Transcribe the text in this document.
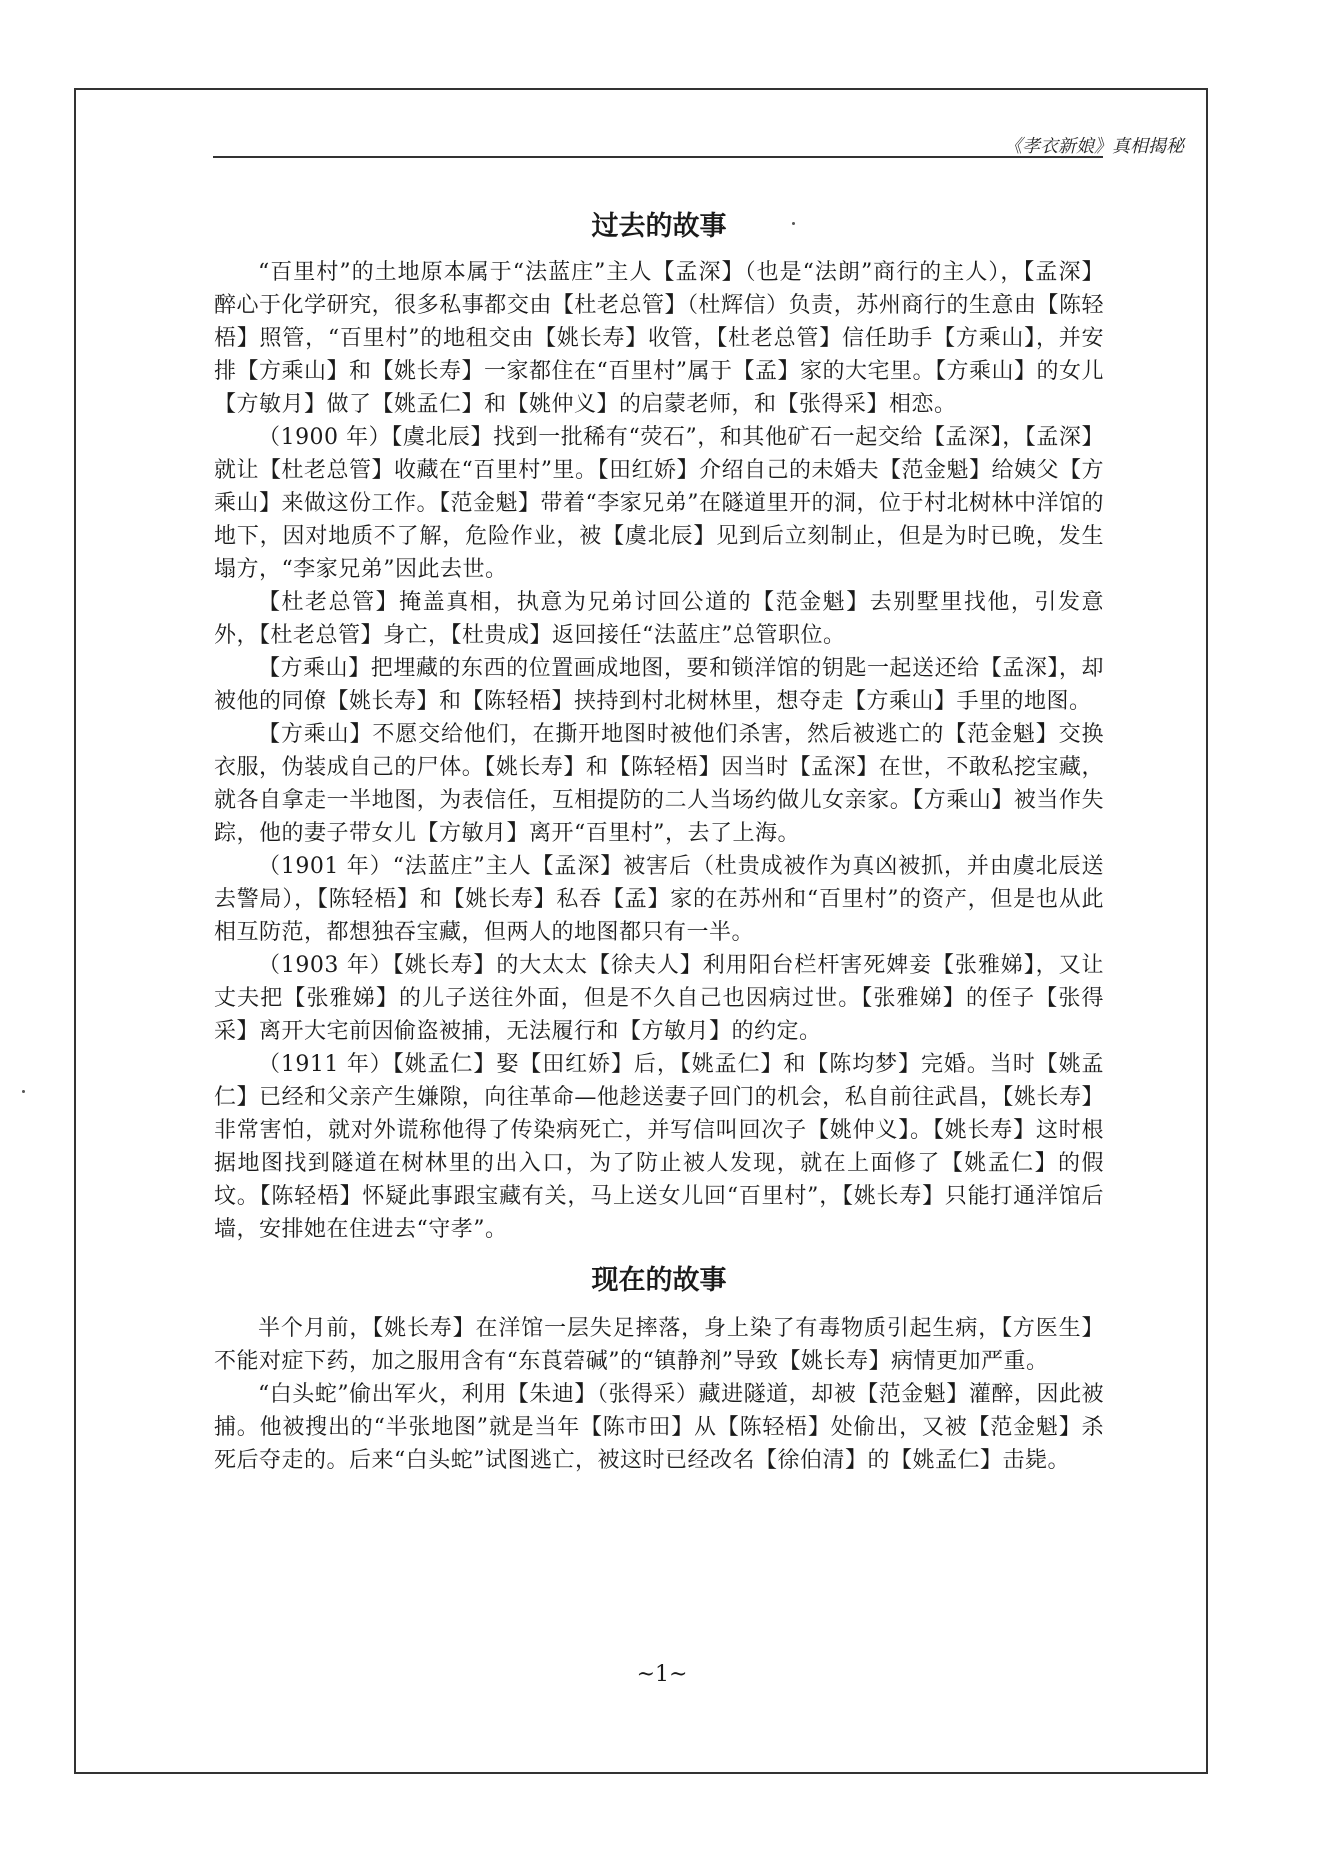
《孝衣新娘》真相揭秘
过去的故事

“百里村”的土地原本属于“法蓝庄”主人【孟深】（也是“法朗”商行的主人），【孟深】醉心于化学研究，很多私事都交由【杜老总管】（杜辉信）负责，苏州商行的生意由【陈轻梧】照管，“百里村”的地租交由【姚长寿】收管，【杜老总管】信任助手【方乘山】，并安排【方乘山】和【姚长寿】一家都住在“百里村”属于【孟】家的大宅里。【方乘山】的女儿【方敏月】做了【姚孟仁】和【姚仲义】的启蒙老师，和【张得采】相恋。

（1900 年）【虞北辰】找到一批稀有“荧石”，和其他矿石一起交给【孟深】，【孟深】就让【杜老总管】收藏在“百里村”里。【田红娇】介绍自己的未婚夫【范金魁】给姨父【方乘山】来做这份工作。【范金魁】带着“李家兄弟”在隧道里开的洞，位于村北树林中洋馆的地下，因对地质不了解，危险作业，被【虞北辰】见到后立刻制止，但是为时已晚，发生塌方，“李家兄弟”因此去世。

【杜老总管】掩盖真相，执意为兄弟讨回公道的【范金魁】去别墅里找他，引发意外，【杜老总管】身亡，【杜贵成】返回接任“法蓝庄”总管职位。

【方乘山】把埋藏的东西的位置画成地图，要和锁洋馆的钥匙一起送还给【孟深】，却被他的同僚【姚长寿】和【陈轻梧】挟持到村北树林里，想夺走【方乘山】手里的地图。

【方乘山】不愿交给他们，在撕开地图时被他们杀害，然后被逃亡的【范金魁】交换衣服，伪装成自己的尸体。【姚长寿】和【陈轻梧】因当时【孟深】在世，不敢私挖宝藏，就各自拿走一半地图，为表信任，互相提防的二人当场约做儿女亲家。【方乘山】被当作失踪，他的妻子带女儿【方敏月】离开“百里村”，去了上海。

（1901 年）“法蓝庄”主人【孟深】被害后（杜贵成被作为真凶被抓，并由虞北辰送去警局），【陈轻梧】和【姚长寿】私吞【孟】家的在苏州和“百里村”的资产，但是也从此相互防范，都想独吞宝藏，但两人的地图都只有一半。

（1903 年）【姚长寿】的大太太【徐夫人】利用阳台栏杆害死婢妾【张雅娣】，又让丈夫把【张雅娣】的儿子送往外面，但是不久自己也因病过世。【张雅娣】的侄子【张得采】离开大宅前因偷盗被捕，无法履行和【方敏月】的约定。

（1911 年）【姚孟仁】娶【田红娇】后，【姚孟仁】和【陈均梦】完婚。当时【姚孟仁】已经和父亲产生嫌隙，向往革命—他趁送妻子回门的机会，私自前往武昌，【姚长寿】非常害怕，就对外谎称他得了传染病死亡，并写信叫回次子【姚仲义】。【姚长寿】这时根据地图找到隧道在树林里的出入口，为了防止被人发现，就在上面修了【姚孟仁】的假坟。【陈轻梧】怀疑此事跟宝藏有关，马上送女儿回“百里村”，【姚长寿】只能打通洋馆后墙，安排她在住进去“守孝”。

现在的故事

半个月前，【姚长寿】在洋馆一层失足摔落，身上染了有毒物质引起生病，【方医生】不能对症下药，加之服用含有“东莨菪碱”的“镇静剂”导致【姚长寿】病情更加严重。

“白头蛇”偷出军火，利用【朱迪】（张得采）藏进隧道，却被【范金魁】灌醉，因此被捕。他被搜出的“半张地图”就是当年【陈市田】从【陈轻梧】处偷出，又被【范金魁】杀死后夺走的。后来“白头蛇”试图逃亡，被这时已经改名【徐伯清】的【姚孟仁】击毙。

~1~
